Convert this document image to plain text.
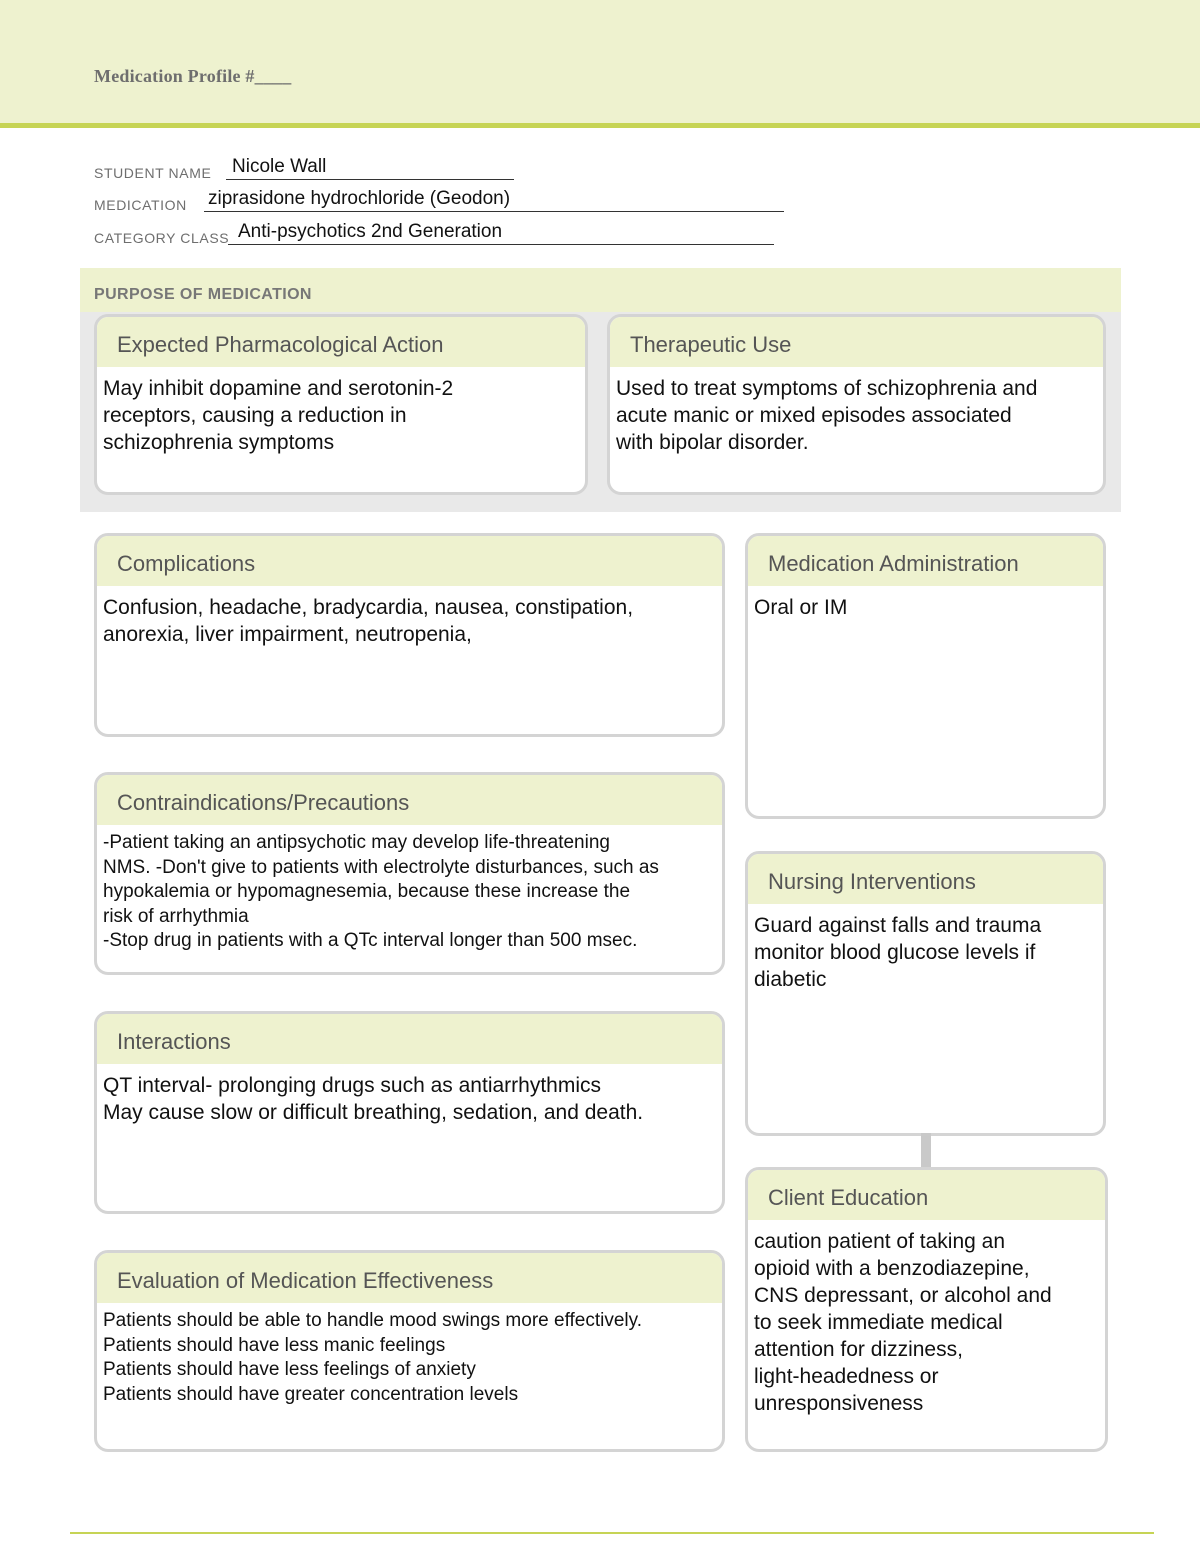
Medication Profile #____
STUDENT NAME Nicole Wall
MEDICATION ziprasidone hydrochloride (Geodon)
CATEGORY CLASS Anti-psychotics 2nd Generation
PURPOSE OF MEDICATION
Expected Pharmacological Action
May inhibit dopamine and serotonin-2
receptors, causing a reduction in
schizophrenia symptoms
Therapeutic Use
Used to treat symptoms of schizophrenia and
acute manic or mixed episodes associated
with bipolar disorder.
Complications
Confusion, headache, bradycardia, nausea, constipation,
anorexia, liver impairment, neutropenia,
Medication Administration
Oral or IM
Contraindications/Precautions
-Patient taking an antipsychotic may develop life-threatening
NMS. -Don't give to patients with electrolyte disturbances, such as
hypokalemia or hypomagnesemia, because these increase the
risk of arrhythmia
-Stop drug in patients with a QTc interval longer than 500 msec.
Nursing Interventions
Guard against falls and trauma
monitor blood glucose levels if
diabetic
Interactions
QT interval- prolonging drugs such as antiarrhythmics
May cause slow or difficult breathing, sedation, and death.
Client Education
caution patient of taking an
opioid with a benzodiazepine,
CNS depressant, or alcohol and
to seek immediate medical
attention for dizziness,
light-headedness or
unresponsiveness
Evaluation of Medication Effectiveness
Patients should be able to handle mood swings more effectively.
Patients should have less manic feelings
Patients should have less feelings of anxiety
Patients should have greater concentration levels
